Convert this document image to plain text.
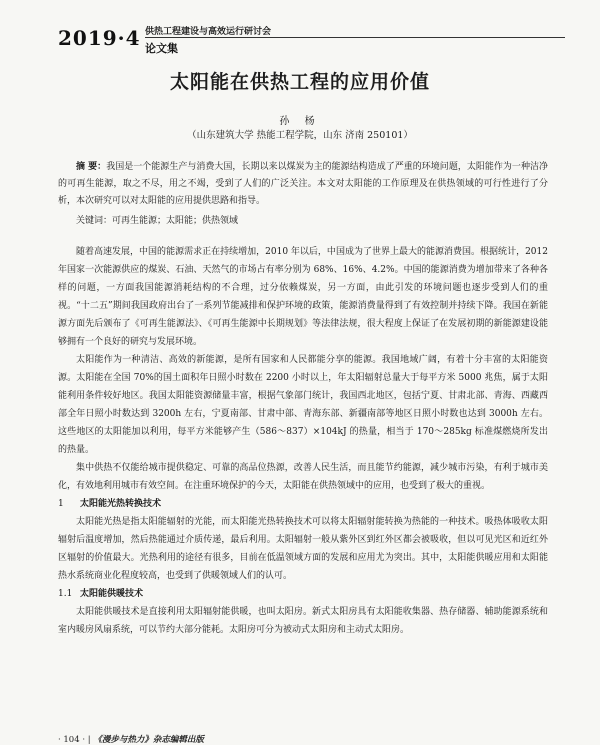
2019·4 供热工程建设与高效运行研讨会
论文集
太阳能在供热工程的应用价值
孙 杨
（山东建筑大学 热能工程学院，山东 济南 250101）
摘 要：我国是一个能源生产与消费大国，长期以来以煤炭为主的能源结构造成了严重的环境问题，太阳能作为一种洁净的可再生能源，取之不尽，用之不竭，受到了人们的广泛关注。本文对太阳能的工作原理及在供热领域的可行性进行了分析，本次研究可以对太阳能的应用提供思路和指导。
关键词：可再生能源；太阳能；供热领域

随着高速发展，中国的能源需求正在持续增加，2010 年以后，中国成为了世界上最大的能源消费国。根据统计，2012 年国家一次能源供应的煤炭、石油、天然气的市场占有率分别为 68%、16%、4.2%。中国的能源消费为增加带来了各种各样的问题，一方面我国能源消耗结构的不合理，过分依赖煤炭，另一方面，由此引发的环境问题也逐步受到人们的重视。“十二五”期间我国政府出台了一系列节能减排和保护环境的政策，能源消费量得到了有效控制并持续下降。我国在新能源方面先后颁布了《可再生能源法》、《可再生能源中长期规划》等法律法规，很大程度上保证了在发展初期的新能源建设能够拥有一个良好的研究与发展环境。

太阳能作为一种清洁、高效的新能源，是所有国家和人民都能分享的能源。我国地域广阔，有着十分丰富的太阳能资源。太阳能在全国 70%的国土面积年日照小时数在 2200 小时以上，年太阳辐射总量大于每平方米 5000 兆焦，属于太阳能利用条件较好地区。我国太阳能资源储量丰富，根据气象部门统计，我国西北地区，包括宁夏、甘肃北部、青海、西藏西部全年日照小时数达到 3200h 左右，宁夏南部、甘肃中部、青海东部、新疆南部等地区日照小时数也达到 3000h 左右。这些地区的太阳能加以利用，每平方米能够产生（586～837）×104kJ 的热量，相当于 170～285kg 标准煤燃烧所发出的热量。

集中供热不仅能给城市提供稳定、可靠的高品位热源，改善人民生活，而且能节约能源，减少城市污染，有利于城市美化，有效地利用城市有效空间。在注重环境保护的今天，太阳能在供热领域中的应用，也受到了极大的重视。

1 太阳能光热转换技术

太阳能光热是指太阳能辐射的光能，而太阳能光热转换技术可以将太阳辐射能转换为热能的一种技术。吸热体吸收太阳辐射后温度增加，然后热能通过介质传递，最后利用。太阳辐射一般从紫外区到红外区都会被吸收，但以可见光区和近红外区辐射的价值最大。光热利用的途径有很多，目前在低温领域方面的发展和应用尤为突出。其中，太阳能供暖应用和太阳能热水系统商业化程度较高，也受到了供暖领域人们的认可。

1.1 太阳能供暖技术

太阳能供暖技术是直接利用太阳辐射能供暖，也叫太阳房。新式太阳房具有太阳能收集器、热存储器、辅助能源系统和室内暖房风扇系统，可以节约大部分能耗。太阳房可分为被动式太阳房和主动式太阳房。

· 104 · | 《漫步与热力》杂志编辑出版
